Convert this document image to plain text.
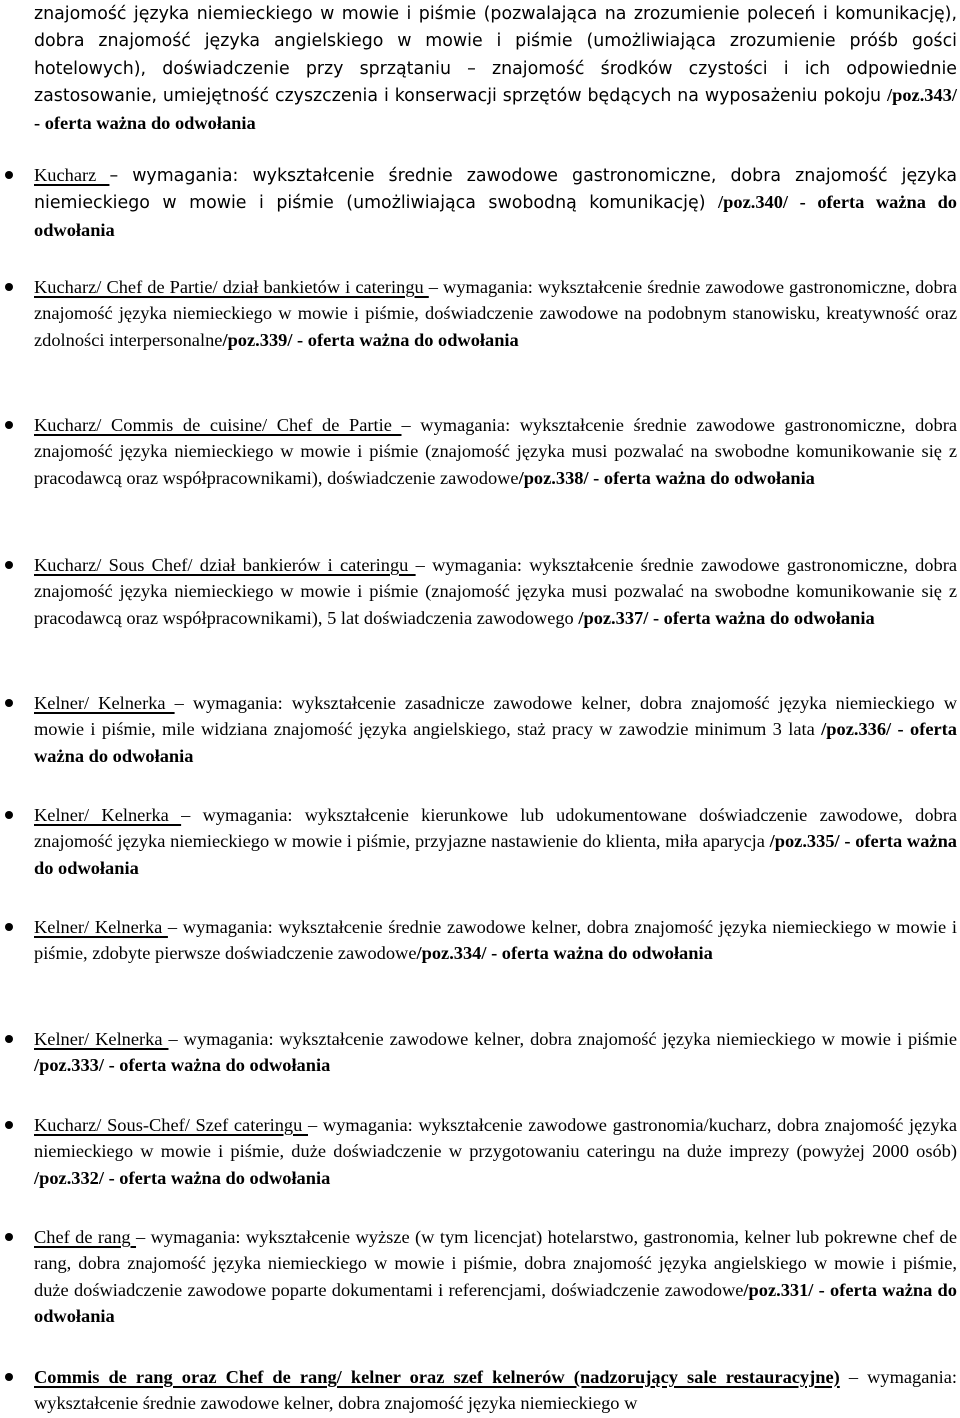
znajomość języka niemieckiego w mowie i piśmie (pozwalająca na zrozumienie poleceń i komunikację), dobra znajomość języka angielskiego w mowie i piśmie (umożliwiająca zrozumienie próśb gości hotelowych), doświadczenie przy sprzątaniu – znajomość środków czystości i ich odpowiednie zastosowanie, umiejętność czyszczenia i konserwacji sprzętów będących na wyposażeniu pokoju /poz.343/ - oferta ważna do odwołania

Kucharz – wymagania: wykształcenie średnie zawodowe gastronomiczne, dobra znajomość języka niemieckiego w mowie i piśmie (umożliwiająca swobodną komunikację) /poz.340/ - oferta ważna do odwołania
Kucharz/ Chef de Partie/ dział bankietów i cateringu – wymagania: wykształcenie średnie zawodowe gastronomiczne, dobra znajomość języka niemieckiego w mowie i piśmie, doświadczenie zawodowe na podobnym stanowisku, kreatywność oraz zdolności interpersonalne/poz.339/ - oferta ważna do odwołania
Kucharz/ Commis de cuisine/ Chef de Partie – wymagania: wykształcenie średnie zawodowe gastronomiczne, dobra znajomość języka niemieckiego w mowie i piśmie (znajomość języka musi pozwalać na swobodne komunikowanie się z pracodawcą oraz współpracownikami), doświadczenie zawodowe/poz.338/ - oferta ważna do odwołania
Kucharz/ Sous Chef/ dział bankierów i cateringu – wymagania: wykształcenie średnie zawodowe gastronomiczne, dobra znajomość języka niemieckiego w mowie i piśmie (znajomość języka musi pozwalać na swobodne komunikowanie się z pracodawcą oraz współpracownikami), 5 lat doświadczenia zawodowego /poz.337/ - oferta ważna do odwołania
Kelner/ Kelnerka – wymagania: wykształcenie zasadnicze zawodowe kelner, dobra znajomość języka niemieckiego w mowie i piśmie, mile widziana znajomość języka angielskiego, staż pracy w zawodzie minimum 3 lata /poz.336/ - oferta ważna do odwołania
Kelner/ Kelnerka – wymagania: wykształcenie kierunkowe lub udokumentowane doświadczenie zawodowe, dobra znajomość języka niemieckiego w mowie i piśmie, przyjazne nastawienie do klienta, miła aparycja /poz.335/ - oferta ważna do odwołania
Kelner/ Kelnerka – wymagania: wykształcenie średnie zawodowe kelner, dobra znajomość języka niemieckiego w mowie i piśmie, zdobyte pierwsze doświadczenie zawodowe/poz.334/ - oferta ważna do odwołania
Kelner/ Kelnerka – wymagania: wykształcenie zawodowe kelner, dobra znajomość języka niemieckiego w mowie i piśmie /poz.333/ - oferta ważna do odwołania
Kucharz/ Sous-Chef/ Szef cateringu – wymagania: wykształcenie zawodowe gastronomia/kucharz, dobra znajomość języka niemieckiego w mowie i piśmie, duże doświadczenie w przygotowaniu cateringu na duże imprezy (powyżej 2000 osób) /poz.332/ - oferta ważna do odwołania
Chef de rang – wymagania: wykształcenie wyższe (w tym licencjat) hotelarstwo, gastronomia, kelner lub pokrewne chef de rang, dobra znajomość języka niemieckiego w mowie i piśmie, dobra znajomość języka angielskiego w mowie i piśmie, duże doświadczenie zawodowe poparte dokumentami i referencjami, doświadczenie zawodowe/poz.331/ - oferta ważna do odwołania
Commis de rang oraz Chef de rang/ kelner oraz szef kelnerów (nadzorujący sale restauracyjne) – wymagania: wykształcenie średnie zawodowe kelner, dobra znajomość języka niemieckiego w
